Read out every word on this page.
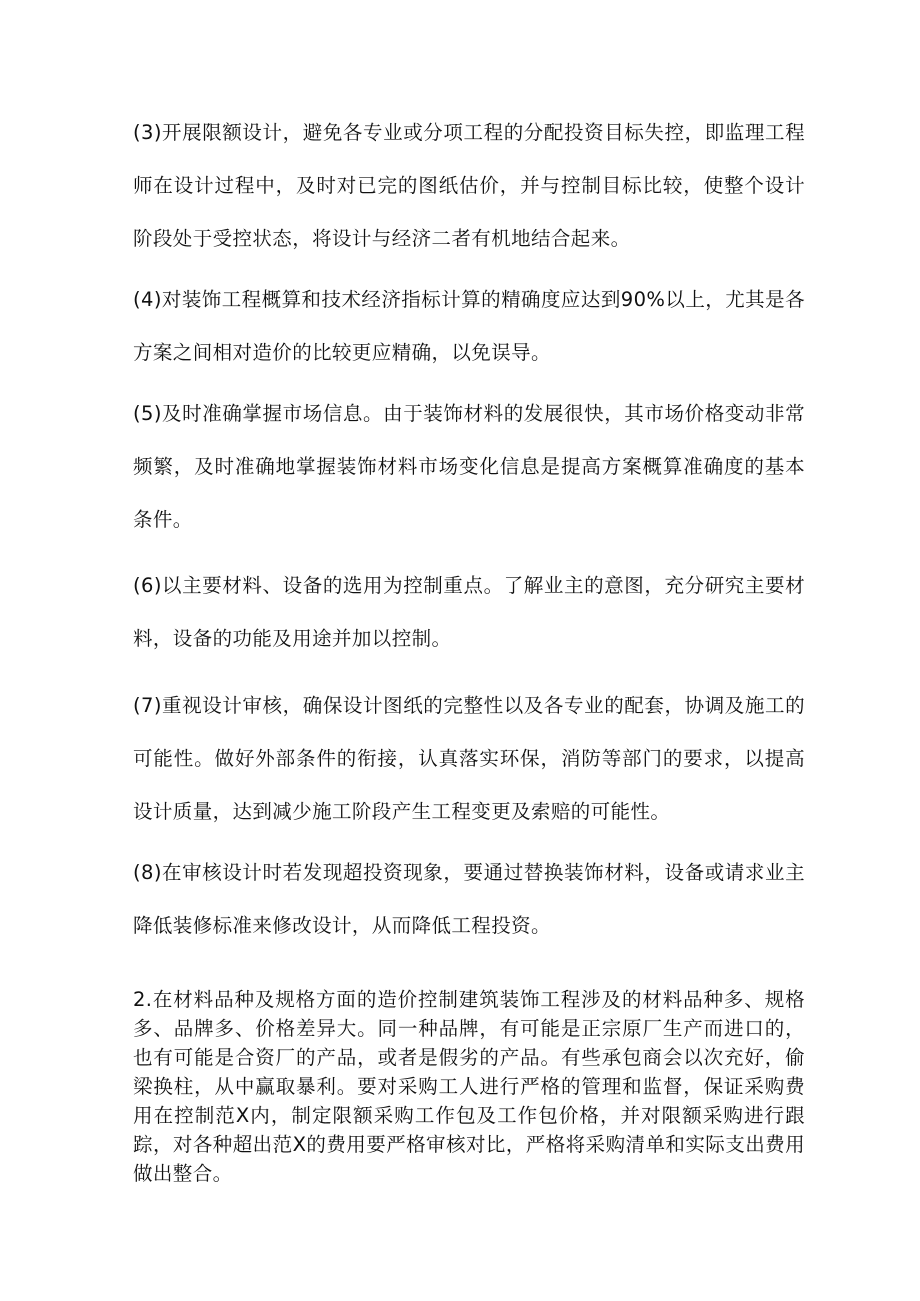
(3)开展限额设计，避免各专业或分项工程的分配投资目标失控，即监理工程师在设计过程中，及时对已完的图纸估价，并与控制目标比较，使整个设计阶段处于受控状态，将设计与经济二者有机地结合起来。

(4)对装饰工程概算和技术经济指标计算的精确度应达到90%以上，尤其是各方案之间相对造价的比较更应精确，以免误导。

(5)及时准确掌握市场信息。由于装饰材料的发展很快，其市场价格变动非常频繁，及时准确地掌握装饰材料市场变化信息是提高方案概算准确度的基本条件。

(6)以主要材料、设备的选用为控制重点。了解业主的意图，充分研究主要材料，设备的功能及用途并加以控制。

(7)重视设计审核，确保设计图纸的完整性以及各专业的配套，协调及施工的可能性。做好外部条件的衔接，认真落实环保，消防等部门的要求，以提高设计质量，达到减少施工阶段产生工程变更及索赔的可能性。

(8)在审核设计时若发现超投资现象，要通过替换装饰材料，设备或请求业主降低装修标准来修改设计，从而降低工程投资。

2.在材料品种及规格方面的造价控制建筑装饰工程涉及的材料品种多、规格多、品牌多、价格差异大。同一种品牌，有可能是正宗原厂生产而进口的，也有可能是合资厂的产品，或者是假劣的产品。有些承包商会以次充好，偷梁换柱，从中赢取暴利。要对采购工人进行严格的管理和监督，保证采购费用在控制范X内，制定限额采购工作包及工作包价格，并对限额采购进行跟踪，对各种超出范X的费用要严格审核对比，严格将采购清单和实际支出费用做出整合。
